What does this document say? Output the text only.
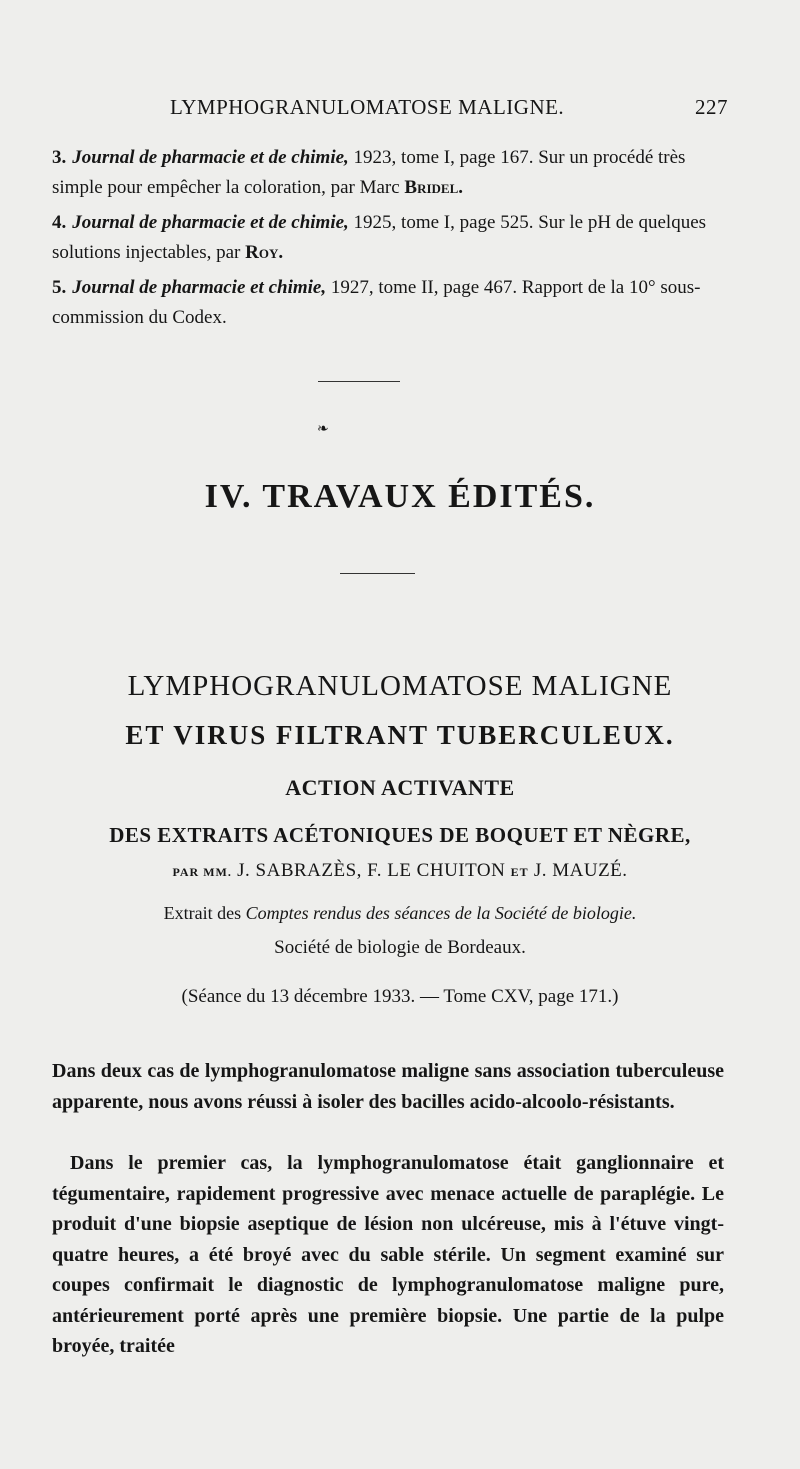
LYMPHOGRANULOMATOSE MALIGNE.	227
3. Journal de pharmacie et de chimie, 1923, tome I, page 167. Sur un procédé très simple pour empêcher la coloration, par Marc Bridel.
4. Journal de pharmacie et de chimie, 1925, tome I, page 525. Sur le pH de quelques solutions injectables, par Roy.
5. Journal de pharmacie et chimie, 1927, tome II, page 467. Rapport de la 10° sous-commission du Codex.
❧
IV. TRAVAUX ÉDITÉS.
LYMPHOGRANULOMATOSE MALIGNE
ET VIRUS FILTRANT TUBERCULEUX.
ACTION ACTIVANTE
DES EXTRAITS ACÉTONIQUES DE BOQUET ET NÈGRE,
PAR MM. J. SABRAZÈS, F. LE CHUITON ET J. MAUZÉ.
Extrait des Comptes rendus des séances de la Société de biologie.
Société de biologie de Bordeaux.
(Séance du 13 décembre 1933. — Tome CXV, page 171.)
Dans deux cas de lymphogranulomatose maligne sans association tuberculeuse apparente, nous avons réussi à isoler des bacilles acido-alcoolo-résistants.
Dans le premier cas, la lymphogranulomatose était ganglionnaire et tégumentaire, rapidement progressive avec menace actuelle de paraplégie. Le produit d'une biopsie aseptique de lésion non ulcéreuse, mis à l'étuve vingt-quatre heures, a été broyé avec du sable stérile. Un segment examiné sur coupes confirmait le diagnostic de lymphogranulomatose maligne pure, antérieurement porté après une première biopsie. Une partie de la pulpe broyée, traitée
